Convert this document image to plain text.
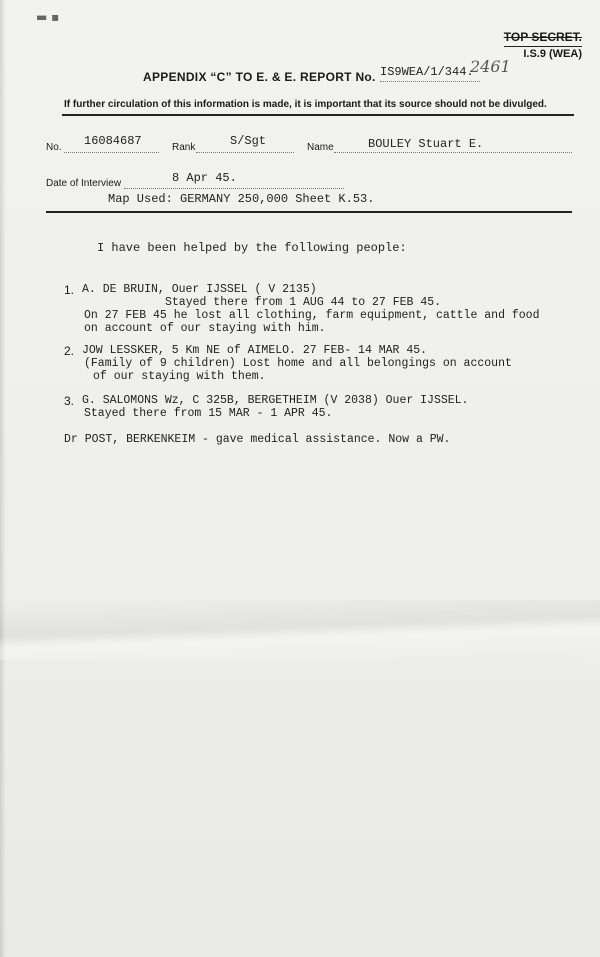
▬ ▪
TOP SECRET.
I.S.9 (WEA)
APPENDIX “C” TO E. & E. REPORT No. IS9WEA/1/344.
2461
If further circulation of this information is made, it is important that its source should not be divulged.
No. 16084687	Rank	S/Sgt	Name	BOULEY Stuart E.
Date of Interview	8 Apr 45.
Map Used: GERMANY 250,000 Sheet K.53.
I have been helped by the following people:
1. A. DE BRUIN, Ouer IJSSEL ( V 2135)
Stayed there from 1 AUG 44 to 27 FEB 45.
On 27 FEB 45 he lost all clothing, farm equipment, cattle and food
on account of our staying with him.
2. JOW LESSKER, 5 Km NE of AIMELO. 27 FEB- 14 MAR 45.
(Family of 9 children) Lost home and all belongings on account
of our staying with them.
3. G. SALOMONS Wz, C 325B, BERGETHEIM (V 2038) Ouer IJSSEL.
Stayed there from 15 MAR - 1 APR 45.
Dr POST, BERKENKEIM - gave medical assistance. Now a PW.
